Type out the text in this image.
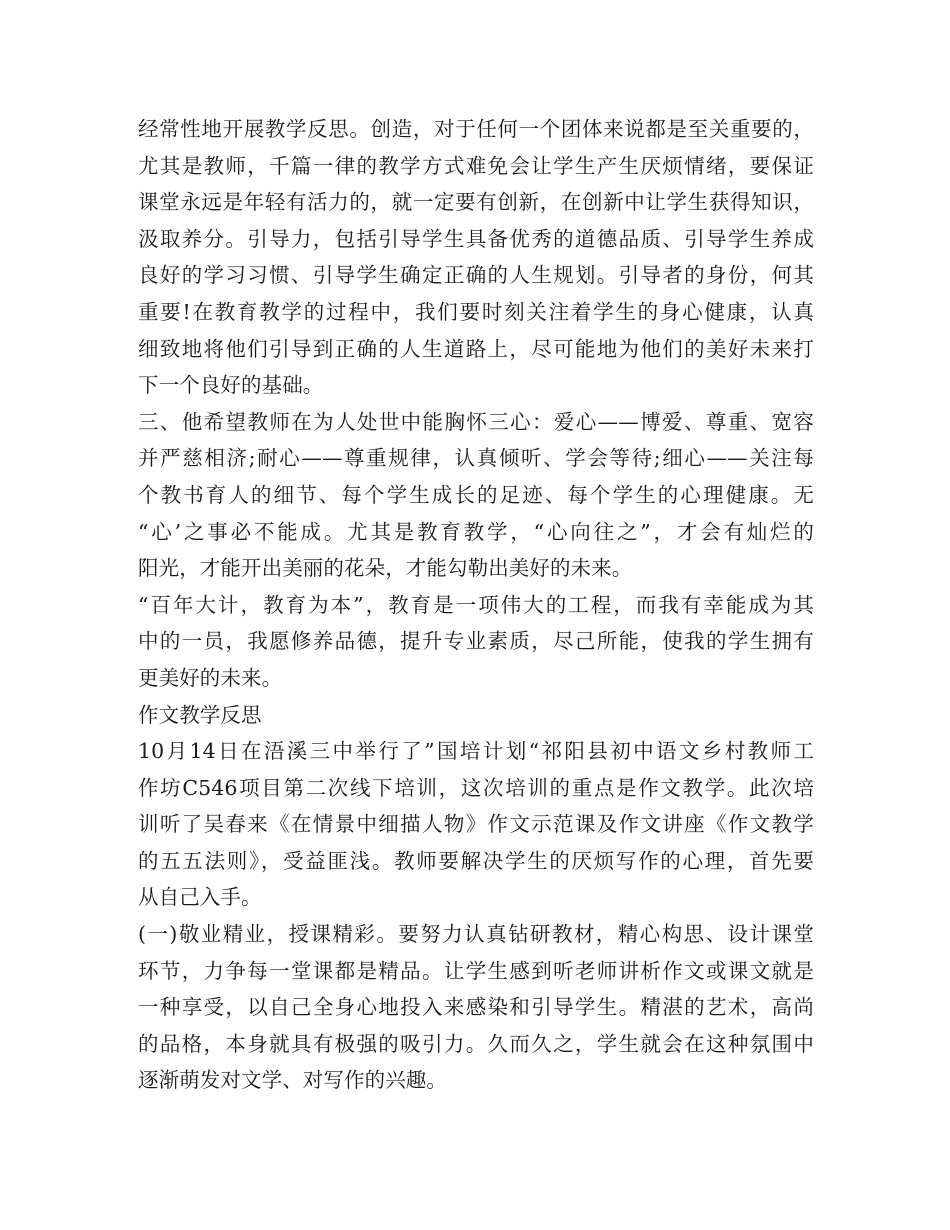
经常性地开展教学反思。创造，对于任何一个团体来说都是至关重要的，
尤其是教师，千篇一律的教学方式难免会让学生产生厌烦情绪，要保证
课堂永远是年轻有活力的，就一定要有创新，在创新中让学生获得知识，
汲取养分。引导力，包括引导学生具备优秀的道德品质、引导学生养成
良好的学习习惯、引导学生确定正确的人生规划。引导者的身份，何其
重要!在教育教学的过程中，我们要时刻关注着学生的身心健康，认真
细致地将他们引导到正确的人生道路上，尽可能地为他们的美好未来打
下一个良好的基础。
三、他希望教师在为人处世中能胸怀三心：爱心——博爱、尊重、宽容
并严慈相济;耐心——尊重规律，认真倾听、学会等待;细心——关注每
个教书育人的细节、每个学生成长的足迹、每个学生的心理健康。无
“心’之事必不能成。尤其是教育教学，“心向往之”，才会有灿烂的
阳光，才能开出美丽的花朵，才能勾勒出美好的未来。
“百年大计，教育为本”，教育是一项伟大的工程，而我有幸能成为其
中的一员，我愿修养品德，提升专业素质，尽己所能，使我的学生拥有
更美好的未来。
作文教学反思
10月14日在浯溪三中举行了”国培计划“祁阳县初中语文乡村教师工
作坊C546项目第二次线下培训，这次培训的重点是作文教学。此次培
训听了吴春来《在情景中细描人物》作文示范课及作文讲座《作文教学
的五五法则》，受益匪浅。教师要解决学生的厌烦写作的心理，首先要
从自己入手。
(一)敬业精业，授课精彩。要努力认真钻研教材，精心构思、设计课堂
环节，力争每一堂课都是精品。让学生感到听老师讲析作文或课文就是
一种享受，以自己全身心地投入来感染和引导学生。精湛的艺术，高尚
的品格，本身就具有极强的吸引力。久而久之，学生就会在这种氛围中
逐渐萌发对文学、对写作的兴趣。
